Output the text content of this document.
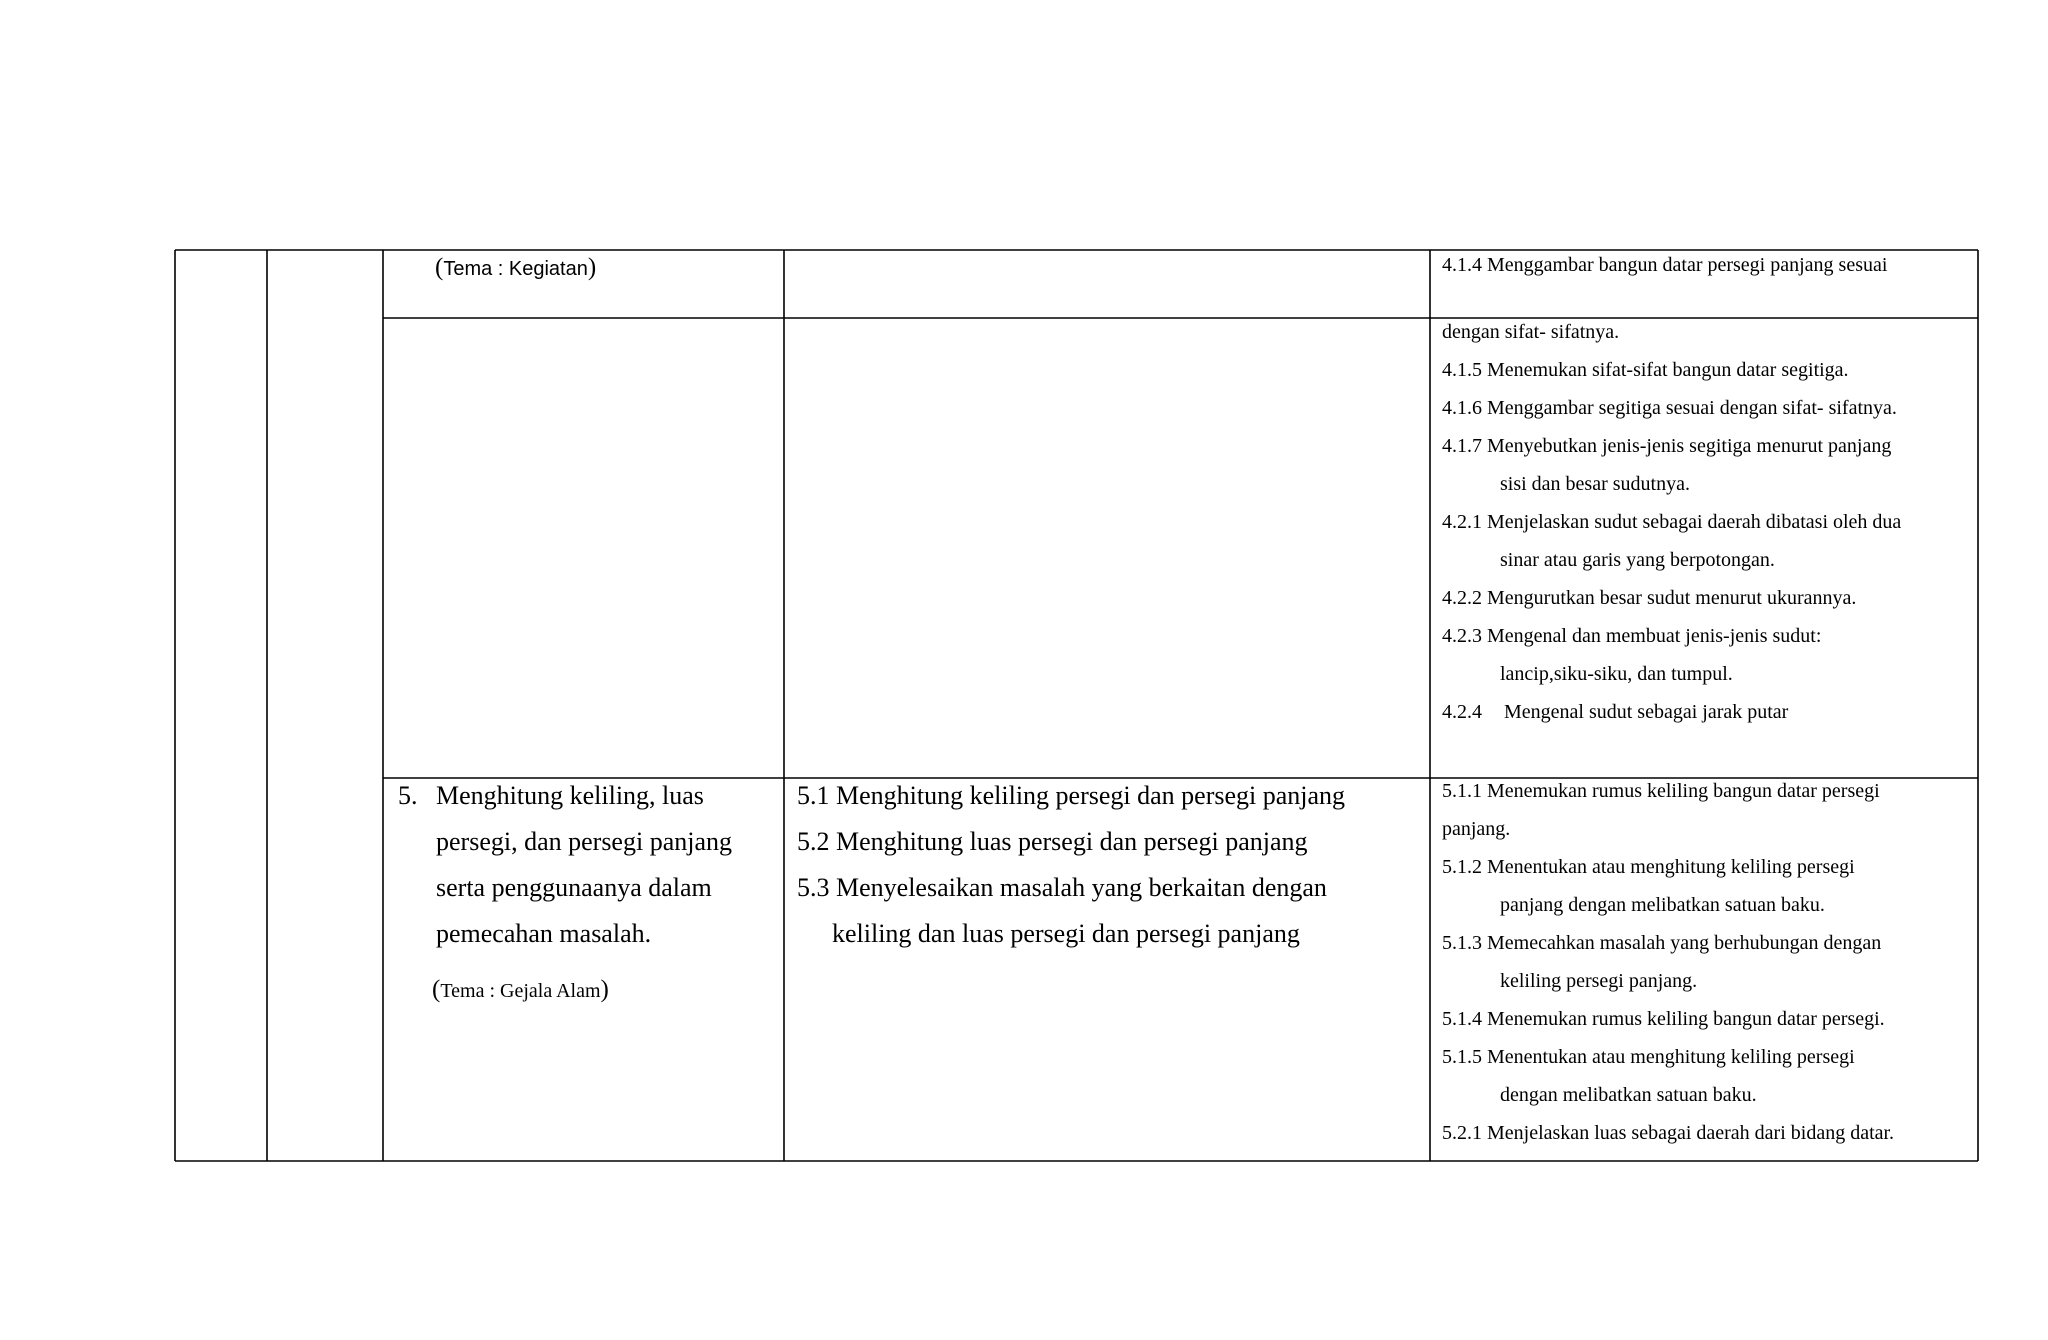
(Tema : Kegiatan)	4.1.4 Menggambar bangun datar persegi panjang sesuai
dengan sifat- sifatnya.
4.1.5 Menemukan sifat-sifat bangun datar segitiga.
4.1.6 Menggambar segitiga sesuai dengan sifat- sifatnya.
4.1.7 Menyebutkan jenis-jenis segitiga menurut panjang
sisi dan besar sudutnya.
4.2.1 Menjelaskan sudut sebagai daerah dibatasi oleh dua
sinar atau garis yang berpotongan.
4.2.2 Mengurutkan besar sudut menurut ukurannya.
4.2.3 Mengenal dan membuat jenis-jenis sudut:
lancip,siku-siku, dan tumpul.
4.2.4 Mengenal sudut sebagai jarak putar
5. Menghitung keliling, luas
persegi, dan persegi panjang
serta penggunaanya dalam
pemecahan masalah.
(Tema : Gejala Alam)
5.1 Menghitung keliling persegi dan persegi panjang
5.2 Menghitung luas persegi dan persegi panjang
5.3 Menyelesaikan masalah yang berkaitan dengan
keliling dan luas persegi dan persegi panjang
5.1.1 Menemukan rumus keliling bangun datar persegi
panjang.
5.1.2 Menentukan atau menghitung keliling persegi
panjang dengan melibatkan satuan baku.
5.1.3 Memecahkan masalah yang berhubungan dengan
keliling persegi panjang.
5.1.4 Menemukan rumus keliling bangun datar persegi.
5.1.5 Menentukan atau menghitung keliling persegi
dengan melibatkan satuan baku.
5.2.1 Menjelaskan luas sebagai daerah dari bidang datar.
